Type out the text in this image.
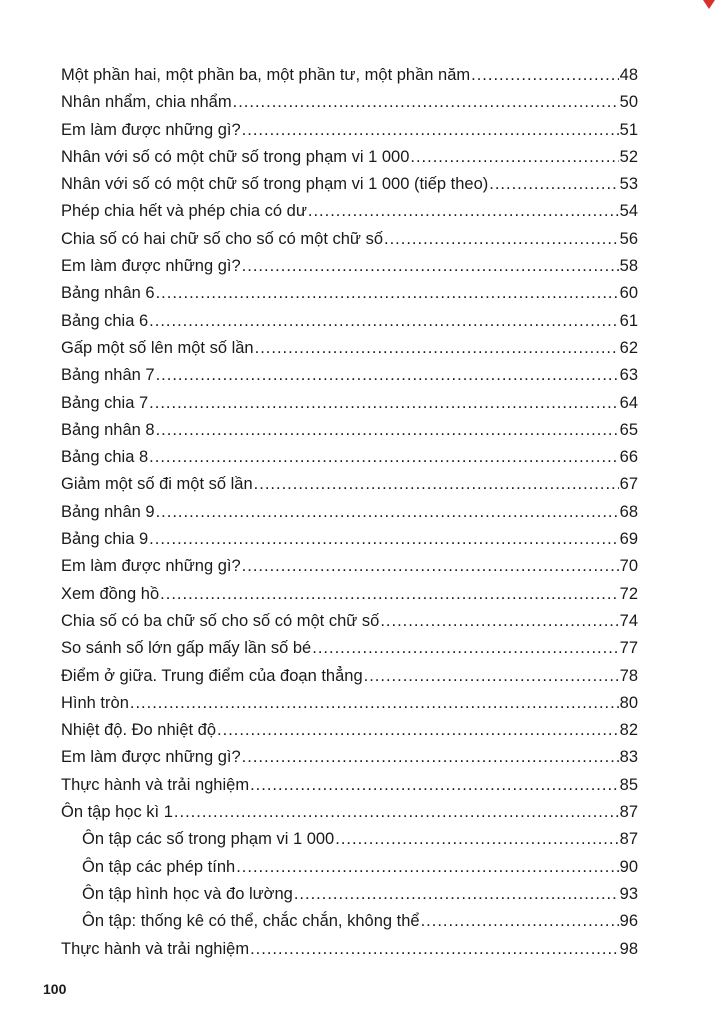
Một phần hai, một phần ba, một phần tư, một phần năm .....	48
Nhân nhẩm, chia nhẩm .....	50
Em làm được những gì? .....	51
Nhân với số có một chữ số trong phạm vi 1 000 .....	52
Nhân với số có một chữ số trong phạm vi 1 000 (tiếp theo) .....	53
Phép chia hết và phép chia có dư .....	54
Chia số có hai chữ số cho số có một chữ số .....	56
Em làm được những gì? .....	58
Bảng nhân 6 .....	60
Bảng chia 6 .....	61
Gấp một số lên một số lần .....	62
Bảng nhân 7 .....	63
Bảng chia 7 .....	64
Bảng nhân 8 .....	65
Bảng chia 8 .....	66
Giảm một số đi một số lần .....	67
Bảng nhân 9 .....	68
Bảng chia 9 .....	69
Em làm được những gì? .....	70
Xem đồng hồ .....	72
Chia số có ba chữ số cho số có một chữ số .....	74
So sánh số lớn gấp mấy lần số bé .....	77
Điểm ở giữa. Trung điểm của đoạn thẳng .....	78
Hình tròn .....	80
Nhiệt độ. Đo nhiệt độ .....	82
Em làm được những gì? .....	83
Thực hành và trải nghiệm .....	85
Ôn tập học kì 1 .....	87
Ôn tập các số trong phạm vi 1 000 .....	87
Ôn tập các phép tính .....	90
Ôn tập hình học và đo lường .....	93
Ôn tập: thống kê có thể, chắc chắn, không thể .....	96
Thực hành và trải nghiệm .....	98
100
